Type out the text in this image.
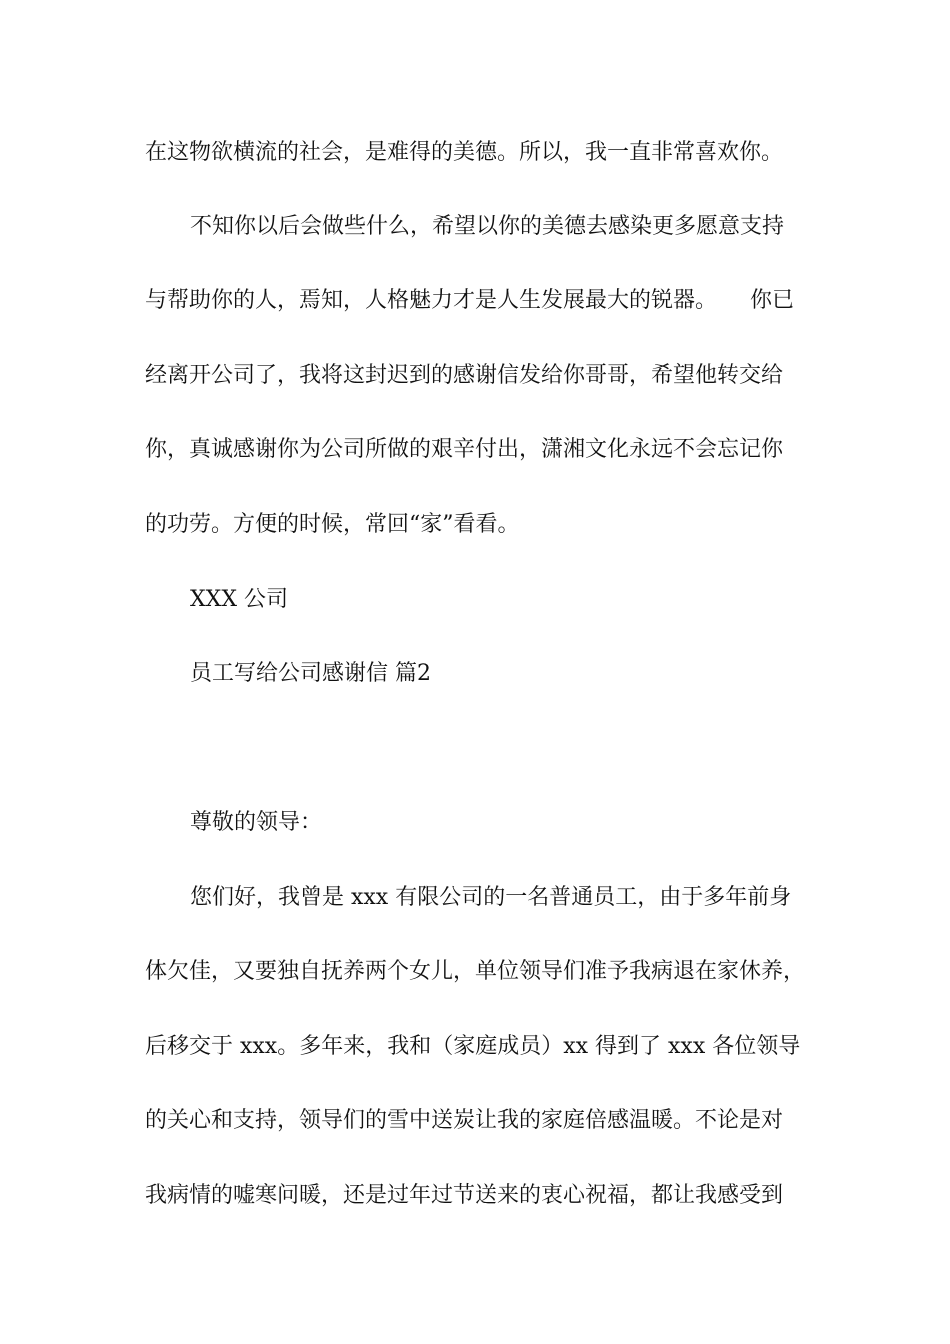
在这物欲横流的社会，是难得的美德。所以，我一直非常喜欢你。

不知你以后会做些什么，希望以你的美德去感染更多愿意支持

与帮助你的人，焉知，人格魅力才是人生发展最大的锐器。　　你已

经离开公司了，我将这封迟到的感谢信发给你哥哥，希望他转交给

你，真诚感谢你为公司所做的艰辛付出，潇湘文化永远不会忘记你

的功劳。方便的时候，常回“家”看看。

XXX 公司

员工写给公司感谢信 篇2

尊敬的领导：

您们好，我曾是 xxx 有限公司的一名普通员工，由于多年前身

体欠佳，又要独自抚养两个女儿，单位领导们准予我病退在家休养，

后移交于 xxx。多年来，我和（家庭成员）xx 得到了 xxx 各位领导

的关心和支持，领导们的雪中送炭让我的家庭倍感温暖。不论是对

我病情的嘘寒问暖，还是过年过节送来的衷心祝福，都让我感受到
